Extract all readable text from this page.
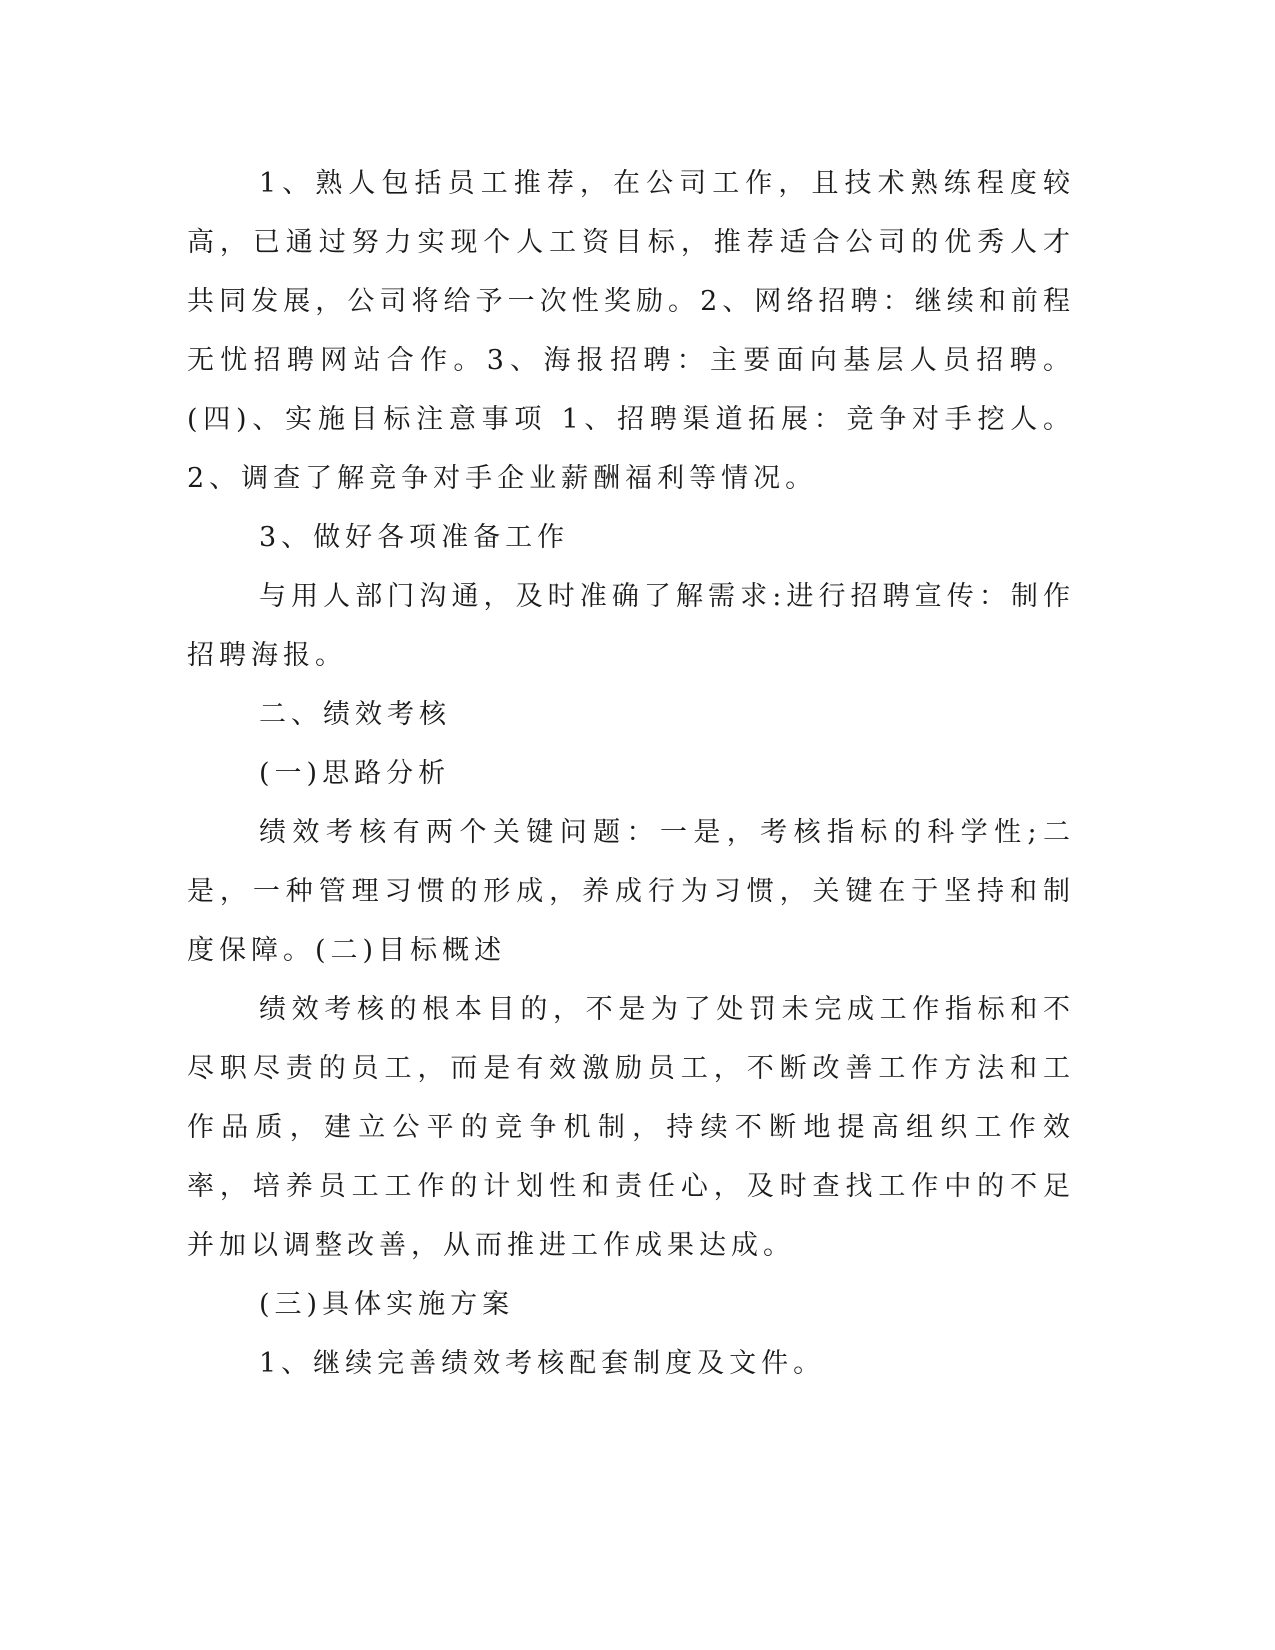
1、熟人包括员工推荐，在公司工作，且技术熟练程度较高，已通过努力实现个人工资目标，推荐适合公司的优秀人才共同发展，公司将给予一次性奖励。2、网络招聘：继续和前程无忧招聘网站合作。3、海报招聘：主要面向基层人员招聘。(四)、实施目标注意事项 1、招聘渠道拓展：竞争对手挖人。2、调查了解竞争对手企业薪酬福利等情况。

3、做好各项准备工作

与用人部门沟通，及时准确了解需求:进行招聘宣传：制作招聘海报。

二、绩效考核

(一)思路分析

绩效考核有两个关键问题：一是，考核指标的科学性;二是，一种管理习惯的形成，养成行为习惯，关键在于坚持和制度保障。(二)目标概述

绩效考核的根本目的，不是为了处罚未完成工作指标和不尽职尽责的员工，而是有效激励员工，不断改善工作方法和工作品质，建立公平的竞争机制，持续不断地提高组织工作效率，培养员工工作的计划性和责任心，及时查找工作中的不足并加以调整改善，从而推进工作成果达成。

(三)具体实施方案

1、继续完善绩效考核配套制度及文件。
